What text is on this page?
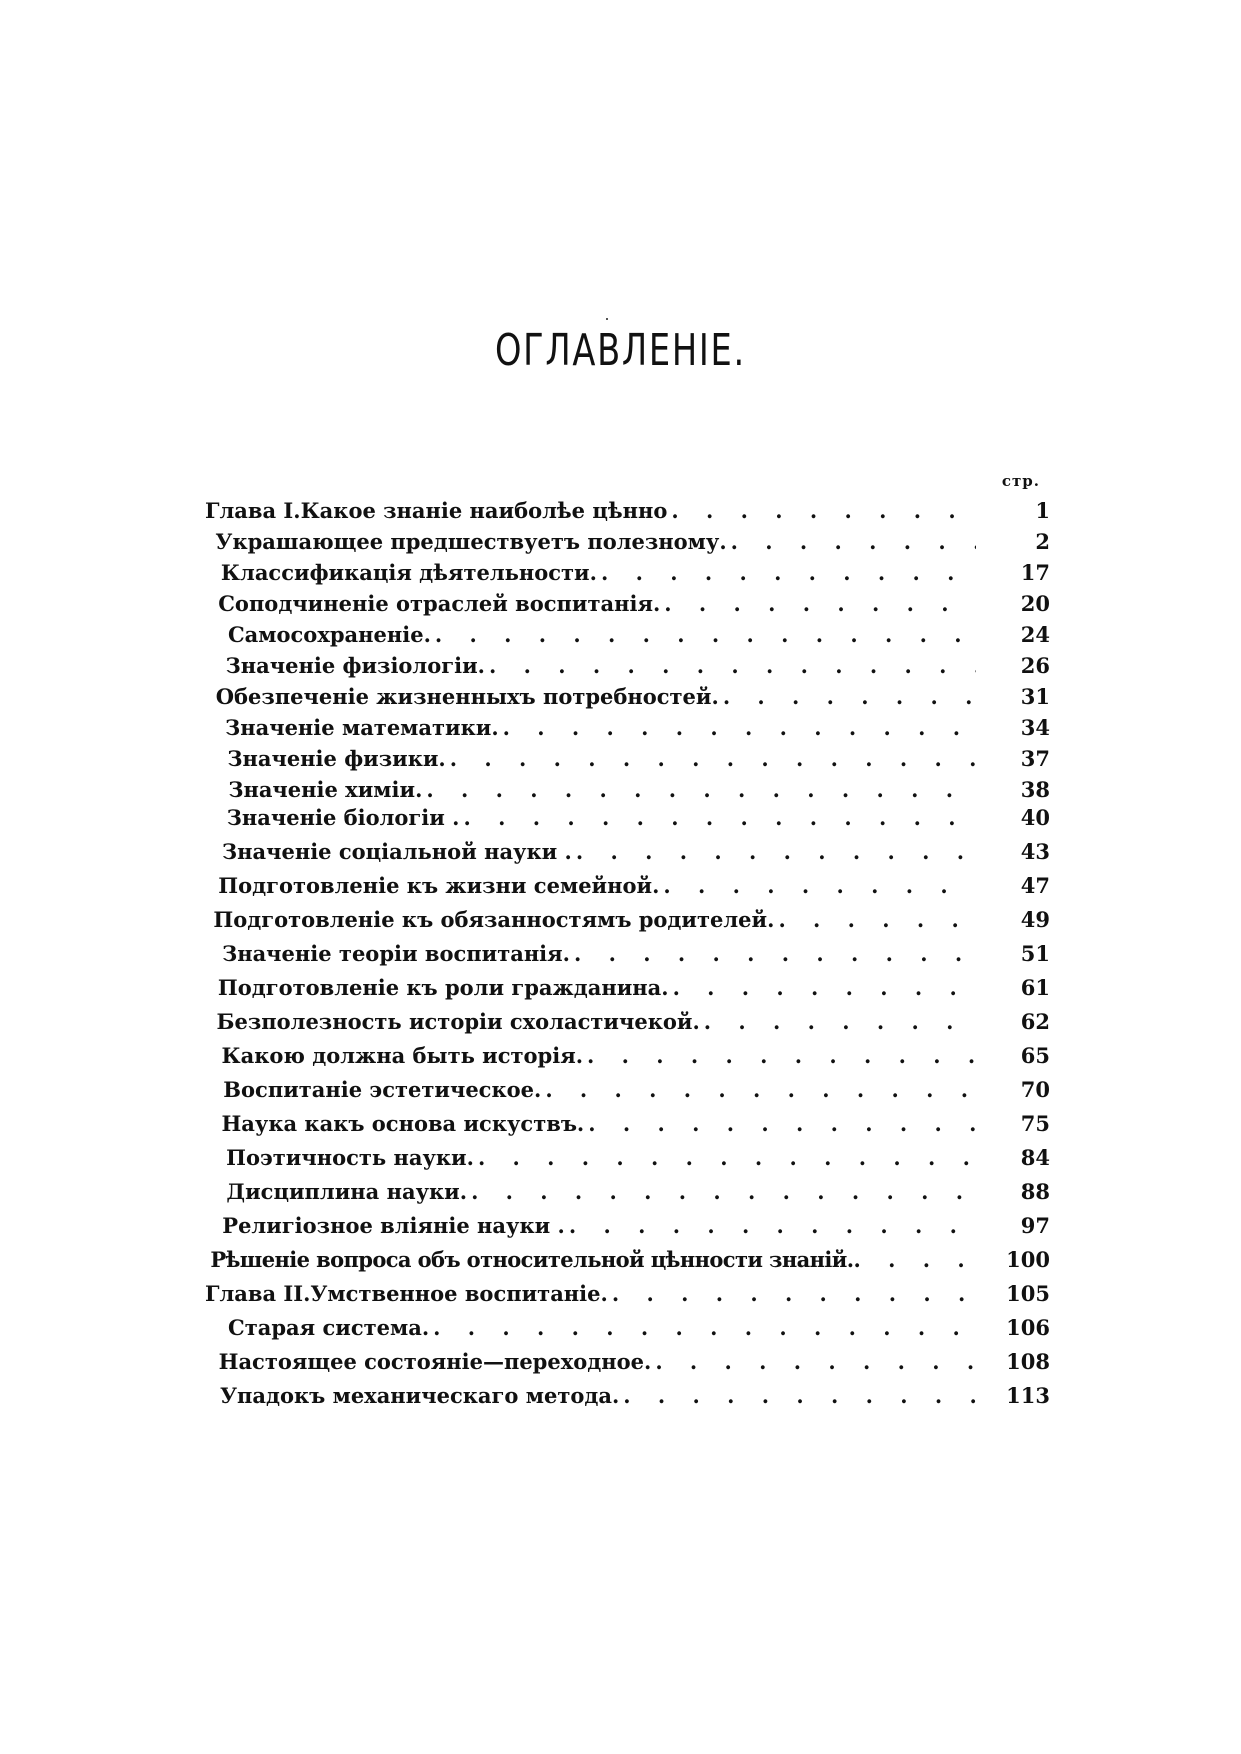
ОГЛАВЛЕНІЕ.
стр.
Глава I. Какое знаніе наиболѣе цѣнно . . .	1
Украшающее предшествуетъ полезному. . . .	2
Классификація дѣятельности. . . .	17
Соподчиненіе отраслей воспитанія. . . .	20
Самосохраненіе. . . .	24
Значеніе физіологіи. . . .	26
Обезпеченіе жизненныхъ потребностей. . . .	31
Значеніе математики. . . .	34
Значеніе физики. . . .	37
Значеніе химіи. . . .	38
Значеніе біологіи . . . .	40
Значеніе соціальной науки . . . .	43
Подготовленіе къ жизни семейной. . . .	47
Подготовленіе къ обязанностямъ родителей. . . .	49
Значеніе теоріи воспитанія. . . .	51
Подготовленіе къ роли гражданина. . . .	61
Безполезность исторіи схоластичекой. . . .	62
Какою должна быть исторія. . . .	65
Воспитаніе эстетическое. . . .	70
Наука какъ основа искуствъ. . . .	75
Поэтичность науки. . . .	84
Дисциплина науки. . . .	88
Религіозное вліяніе науки . . . .	97
Рѣшеніе вопроса объ относительной цѣнности знаній. . . .	100
Глава II. Умственное воспитаніе. . . .	105
Старая система. . . .	106
Настоящее состояніе—переходное. . . .	108
Упадокъ механическаго метода. . . .	113
